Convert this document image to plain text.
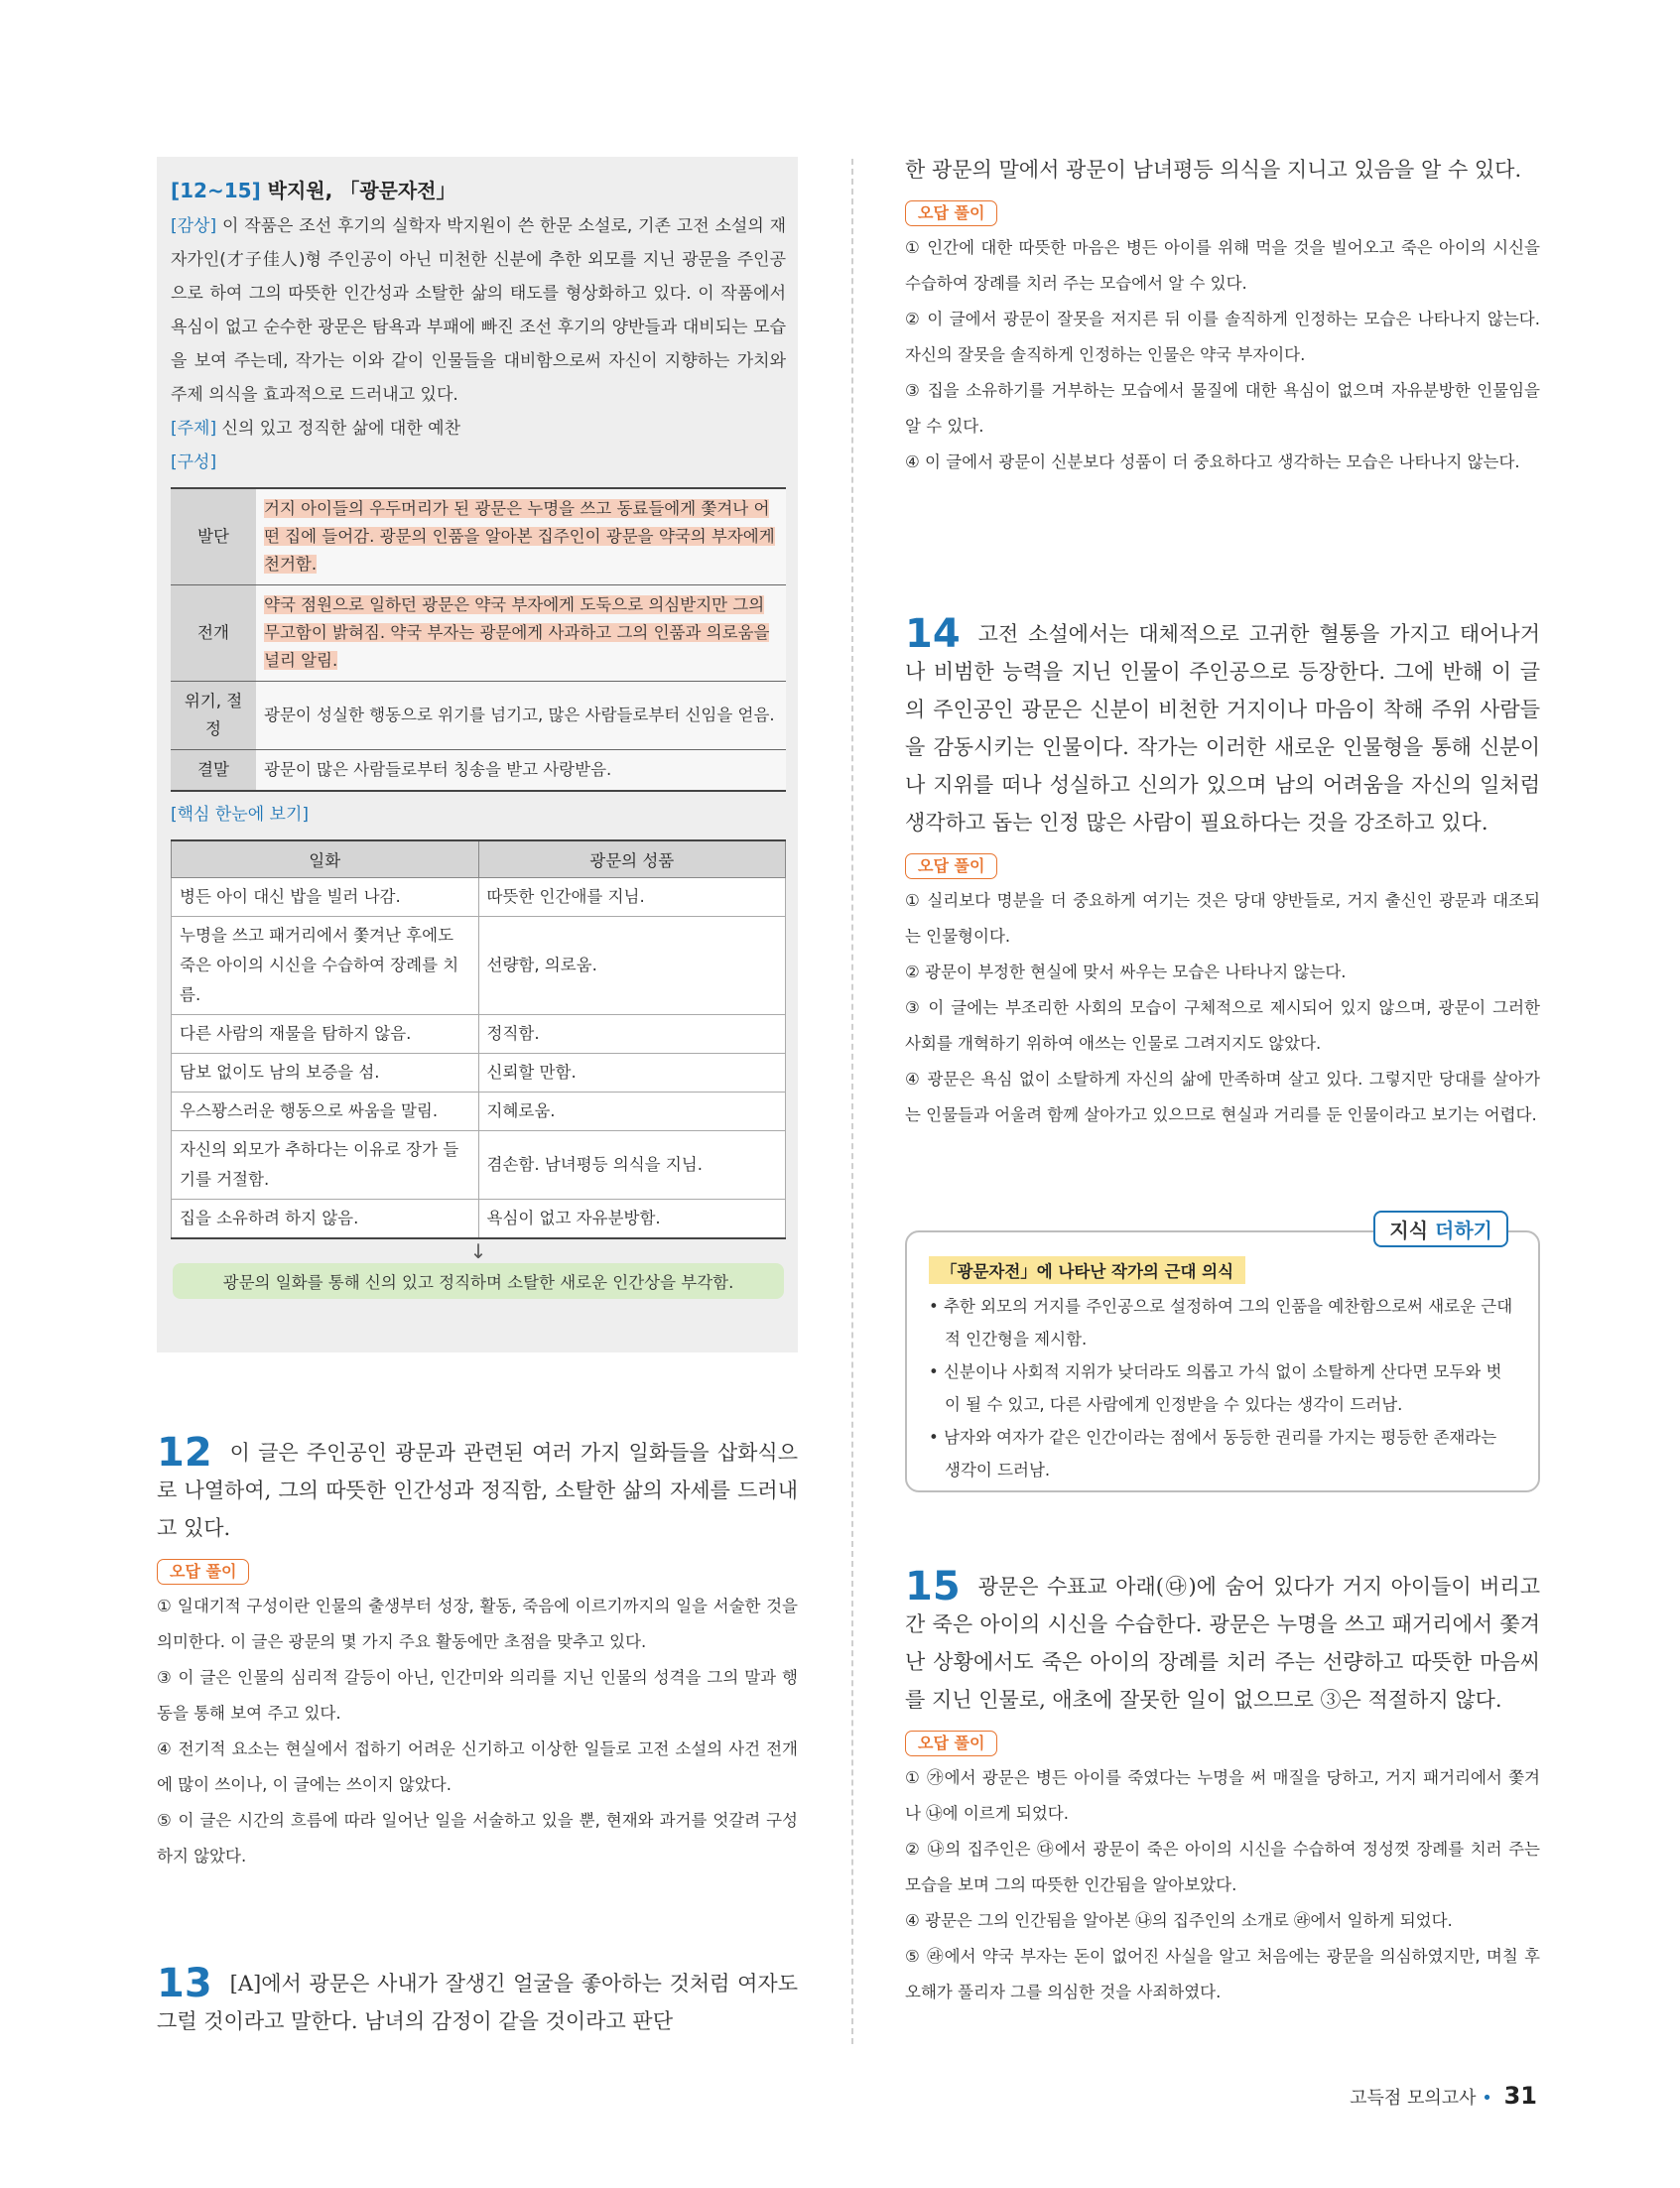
[12~15] 박지원, 「광문자전」

[감상] 이 작품은 조선 후기의 실학자 박지원이 쓴 한문 소설로, 기존 고전 소설의 재자가인(才子佳人)형 주인공이 아닌 미천한 신분에 추한 외모를 지닌 광문을 주인공으로 하여 그의 따뜻한 인간성과 소탈한 삶의 태도를 형상화하고 있다. 이 작품에서 욕심이 없고 순수한 광문은 탐욕과 부패에 빠진 조선 후기의 양반들과 대비되는 모습을 보여 주는데, 작가는 이와 같이 인물들을 대비함으로써 자신이 지향하는 가치와 주제 의식을 효과적으로 드러내고 있다.

[주제] 신의 있고 정직한 삶에 대한 예찬

[구성]

발단	거지 아이들의 우두머리가 된 광문은 누명을 쓰고 동료들에게 쫓겨나 어떤 집에 들어감. 광문의 인품을 알아본 집주인이 광문을 약국의 부자에게 천거함.
전개	약국 점원으로 일하던 광문은 약국 부자에게 도둑으로 의심받지만 그의 무고함이 밝혀짐. 약국 부자는 광문에게 사과하고 그의 인품과 의로움을 널리 알림.
위기, 절정	광문이 성실한 행동으로 위기를 넘기고, 많은 사람들로부터 신임을 얻음.
결말	광문이 많은 사람들로부터 칭송을 받고 사랑받음.

[핵심 한눈에 보기]

일화	광문의 성품
병든 아이 대신 밥을 빌러 나감.	따뜻한 인간애를 지님.
누명을 쓰고 패거리에서 쫓겨난 후에도 죽은 아이의 시신을 수습하여 장례를 치름.	선량함, 의로움.
다른 사람의 재물을 탐하지 않음.	정직함.
담보 없이도 남의 보증을 섬.	신뢰할 만함.
우스꽝스러운 행동으로 싸움을 말림.	지혜로움.
자신의 외모가 추하다는 이유로 장가 들기를 거절함.	겸손함. 남녀평등 의식을 지님.
집을 소유하려 하지 않음.	욕심이 없고 자유분방함.
↓
광문의 일화를 통해 신의 있고 정직하며 소탈한 새로운 인간상을 부각함.

12 이 글은 주인공인 광문과 관련된 여러 가지 일화들을 삽화식으로 나열하여, 그의 따뜻한 인간성과 정직함, 소탈한 삶의 자세를 드러내고 있다.

오답 풀이

① 일대기적 구성이란 인물의 출생부터 성장, 활동, 죽음에 이르기까지의 일을 서술한 것을 의미한다. 이 글은 광문의 몇 가지 주요 활동에만 초점을 맞추고 있다.

③ 이 글은 인물의 심리적 갈등이 아닌, 인간미와 의리를 지닌 인물의 성격을 그의 말과 행동을 통해 보여 주고 있다.

④ 전기적 요소는 현실에서 접하기 어려운 신기하고 이상한 일들로 고전 소설의 사건 전개에 많이 쓰이나, 이 글에는 쓰이지 않았다.

⑤ 이 글은 시간의 흐름에 따라 일어난 일을 서술하고 있을 뿐, 현재와 과거를 엇갈려 구성하지 않았다.

13 [A]에서 광문은 사내가 잘생긴 얼굴을 좋아하는 것처럼 여자도 그럴 것이라고 말한다. 남녀의 감정이 같을 것이라고 판단

한 광문의 말에서 광문이 남녀평등 의식을 지니고 있음을 알 수 있다.

오답 풀이

① 인간에 대한 따뜻한 마음은 병든 아이를 위해 먹을 것을 빌어오고 죽은 아이의 시신을 수습하여 장례를 치러 주는 모습에서 알 수 있다.

② 이 글에서 광문이 잘못을 저지른 뒤 이를 솔직하게 인정하는 모습은 나타나지 않는다. 자신의 잘못을 솔직하게 인정하는 인물은 약국 부자이다.

③ 집을 소유하기를 거부하는 모습에서 물질에 대한 욕심이 없으며 자유분방한 인물임을 알 수 있다.

④ 이 글에서 광문이 신분보다 성품이 더 중요하다고 생각하는 모습은 나타나지 않는다.

14 고전 소설에서는 대체적으로 고귀한 혈통을 가지고 태어나거나 비범한 능력을 지닌 인물이 주인공으로 등장한다. 그에 반해 이 글의 주인공인 광문은 신분이 비천한 거지이나 마음이 착해 주위 사람들을 감동시키는 인물이다. 작가는 이러한 새로운 인물형을 통해 신분이나 지위를 떠나 성실하고 신의가 있으며 남의 어려움을 자신의 일처럼 생각하고 돕는 인정 많은 사람이 필요하다는 것을 강조하고 있다.

오답 풀이

① 실리보다 명분을 더 중요하게 여기는 것은 당대 양반들로, 거지 출신인 광문과 대조되는 인물형이다.

② 광문이 부정한 현실에 맞서 싸우는 모습은 나타나지 않는다.

③ 이 글에는 부조리한 사회의 모습이 구체적으로 제시되어 있지 않으며, 광문이 그러한 사회를 개혁하기 위하여 애쓰는 인물로 그려지지도 않았다.

④ 광문은 욕심 없이 소탈하게 자신의 삶에 만족하며 살고 있다. 그렇지만 당대를 살아가는 인물들과 어울려 함께 살아가고 있으므로 현실과 거리를 둔 인물이라고 보기는 어렵다.

지식 더하기
「광문자전」에 나타난 작가의 근대 의식

• 추한 외모의 거지를 주인공으로 설정하여 그의 인품을 예찬함으로써 새로운 근대적 인간형을 제시함.

• 신분이나 사회적 지위가 낮더라도 의롭고 가식 없이 소탈하게 산다면 모두와 벗이 될 수 있고, 다른 사람에게 인정받을 수 있다는 생각이 드러남.

• 남자와 여자가 같은 인간이라는 점에서 동등한 권리를 가지는 평등한 존재라는 생각이 드러남.

15 광문은 수표교 아래(㉰)에 숨어 있다가 거지 아이들이 버리고 간 죽은 아이의 시신을 수습한다. 광문은 누명을 쓰고 패거리에서 쫓겨난 상황에서도 죽은 아이의 장례를 치러 주는 선량하고 따뜻한 마음씨를 지닌 인물로, 애초에 잘못한 일이 없으므로 ③은 적절하지 않다.

오답 풀이

① ㉮에서 광문은 병든 아이를 죽였다는 누명을 써 매질을 당하고, 거지 패거리에서 쫓겨나 ㉯에 이르게 되었다.

② ㉯의 집주인은 ㉰에서 광문이 죽은 아이의 시신을 수습하여 정성껏 장례를 치러 주는 모습을 보며 그의 따뜻한 인간됨을 알아보았다.

④ 광문은 그의 인간됨을 알아본 ㉯의 집주인의 소개로 ㉱에서 일하게 되었다.

⑤ ㉱에서 약국 부자는 돈이 없어진 사실을 알고 처음에는 광문을 의심하였지만, 며칠 후 오해가 풀리자 그를 의심한 것을 사죄하였다.

고득점 모의고사 • 31
